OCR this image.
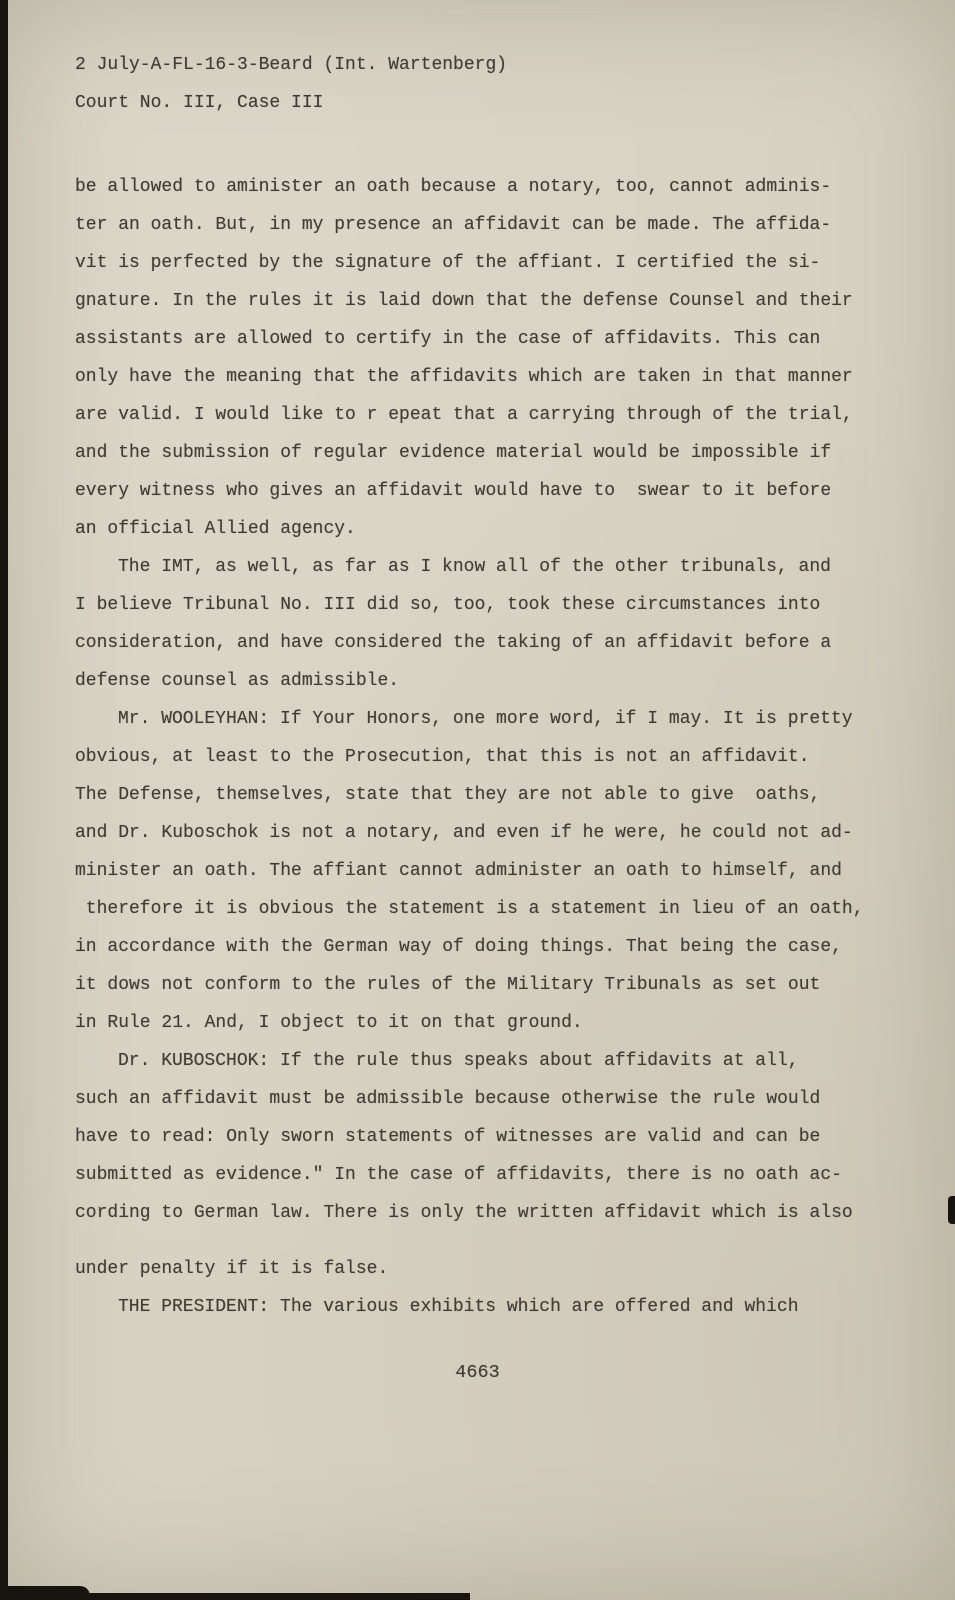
2 July-A-FL-16-3-Beard (Int. Wartenberg)
Court No. III, Case III
be allowed to aminister an oath because a notary, too, cannot adminis-
ter an oath. But, in my presence an affidavit can be made. The affida-
vit is perfected by the signature of the affiant. I certified the si-
gnature. In the rules it is laid down that the defense Counsel and their
assistants are allowed to certify in the case of affidavits. This can
only have the meaning that the affidavits which are taken in that manner
are valid. I would like to r epeat that a carrying through of the trial,
and the submission of regular evidence material would be impossible if
every witness who gives an affidavit would have to  swear to it before
an official Allied agency.
The IMT, as well, as far as I know all of the other tribunals, and
I believe Tribunal No. III did so, too, took these circumstances into
consideration, and have considered the taking of an affidavit before a
defense counsel as admissible.
Mr. WOOLEYHAN: If Your Honors, one more word, if I may. It is pretty
obvious, at least to the Prosecution, that this is not an affidavit.
The Defense, themselves, state that they are not able to give  oaths,
and Dr. Kuboschok is not a notary, and even if he were, he could not ad-
minister an oath. The affiant cannot administer an oath to himself, and
therefore it is obvious the statement is a statement in lieu of an oath,
in accordance with the German way of doing things. That being the case,
it dows not conform to the rules of the Military Tribunals as set out
in Rule 21. And, I object to it on that ground.
Dr. KUBOSCHOK: If the rule thus speaks about affidavits at all,
such an affidavit must be admissible because otherwise the rule would
have to read: Only sworn statements of witnesses are valid and can be
submitted as evidence." In the case of affidavits, there is no oath ac-
cording to German law. There is only the written affidavit which is also
under penalty if it is false.
THE PRESIDENT: The various exhibits which are offered and which
4663
